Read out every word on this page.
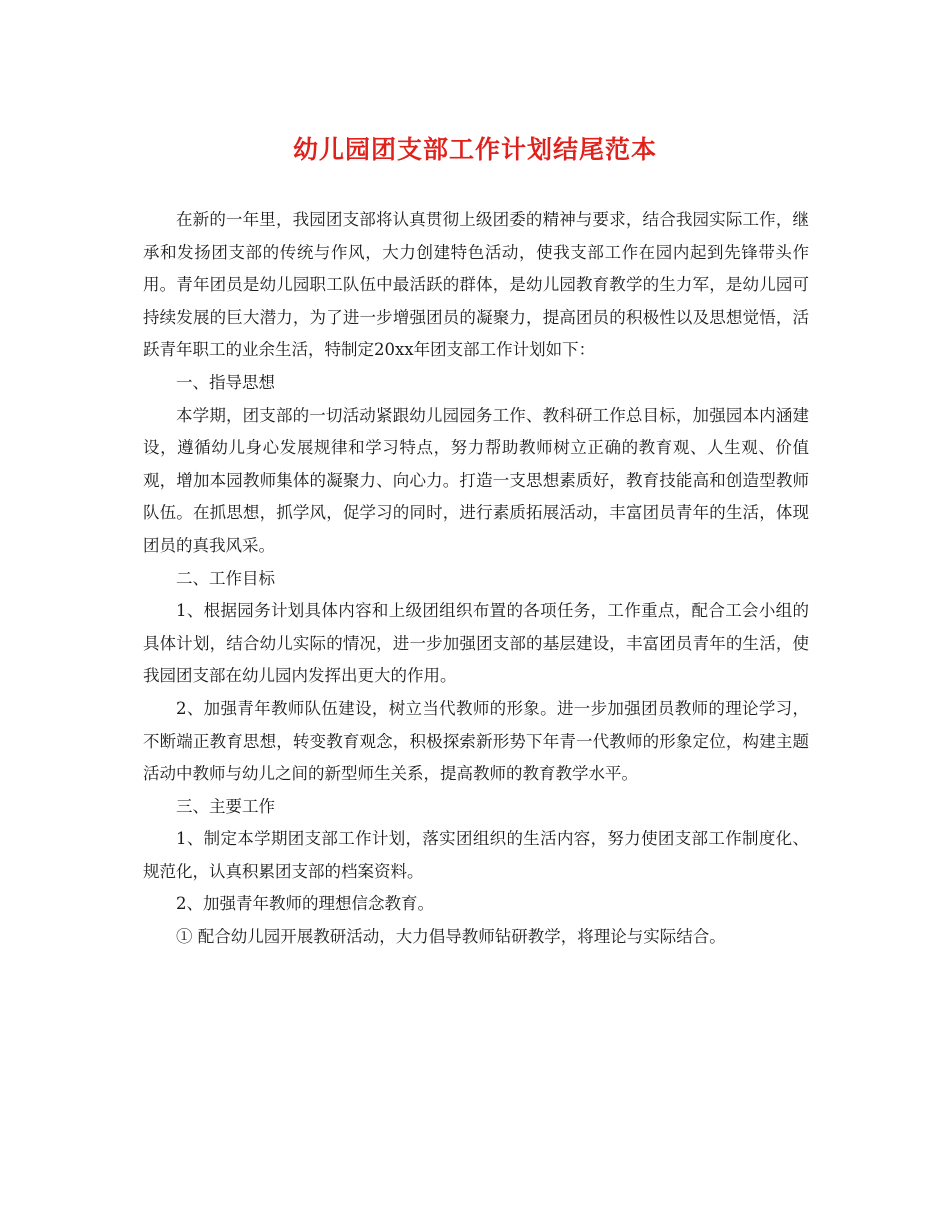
幼儿园团支部工作计划结尾范本

在新的一年里，我园团支部将认真贯彻上级团委的精神与要求，结合我园实际工作，继承和发扬团支部的传统与作风，大力创建特色活动，使我支部工作在园内起到先锋带头作用。青年团员是幼儿园职工队伍中最活跃的群体，是幼儿园教育教学的生力军，是幼儿园可持续发展的巨大潜力，为了进一步增强团员的凝聚力，提高团员的积极性以及思想觉悟，活跃青年职工的业余生活，特制定20xx年团支部工作计划如下：

一、指导思想

本学期，团支部的一切活动紧跟幼儿园园务工作、教科研工作总目标，加强园本内涵建设，遵循幼儿身心发展规律和学习特点，努力帮助教师树立正确的教育观、人生观、价值观，增加本园教师集体的凝聚力、向心力。打造一支思想素质好，教育技能高和创造型教师队伍。在抓思想，抓学风，促学习的同时，进行素质拓展活动，丰富团员青年的生活，体现团员的真我风采。

二、工作目标

1、根据园务计划具体内容和上级团组织布置的各项任务，工作重点，配合工会小组的具体计划，结合幼儿实际的情况，进一步加强团支部的基层建设，丰富团员青年的生活，使我园团支部在幼儿园内发挥出更大的作用。

2、加强青年教师队伍建设，树立当代教师的形象。进一步加强团员教师的理论学习，不断端正教育思想，转变教育观念，积极探索新形势下年青一代教师的形象定位，构建主题活动中教师与幼儿之间的新型师生关系，提高教师的教育教学水平。

三、主要工作

1、制定本学期团支部工作计划，落实团组织的生活内容，努力使团支部工作制度化、规范化，认真积累团支部的档案资料。

2、加强青年教师的理想信念教育。

① 配合幼儿园开展教研活动，大力倡导教师钻研教学，将理论与实际结合。
